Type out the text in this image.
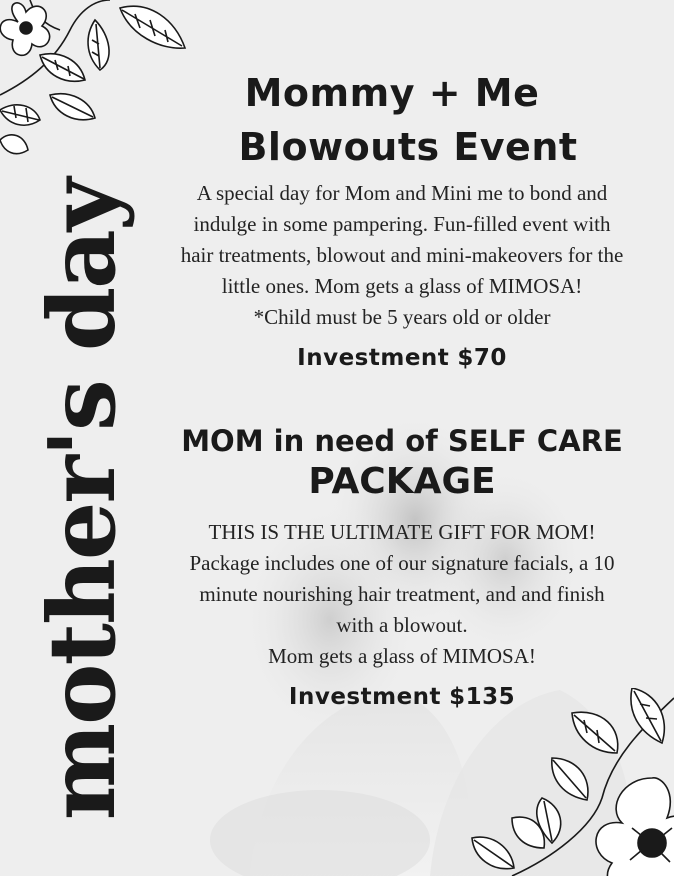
mother's day
Mommy + Me
Blowouts Event
A special day for Mom and Mini me to bond and
indulge in some pampering. Fun-filled event with
hair treatments, blowout and mini-makeovers for the
little ones. Mom gets a glass of MIMOSA!
*Child must be 5 years old or older
Investment $70
MOM in need of SELF CARE
PACKAGE
THIS IS THE ULTIMATE GIFT FOR MOM!
Package includes one of our signature facials, a 10
minute nourishing hair treatment, and and finish
with a blowout.
Mom gets a glass of MIMOSA!
Investment $135
